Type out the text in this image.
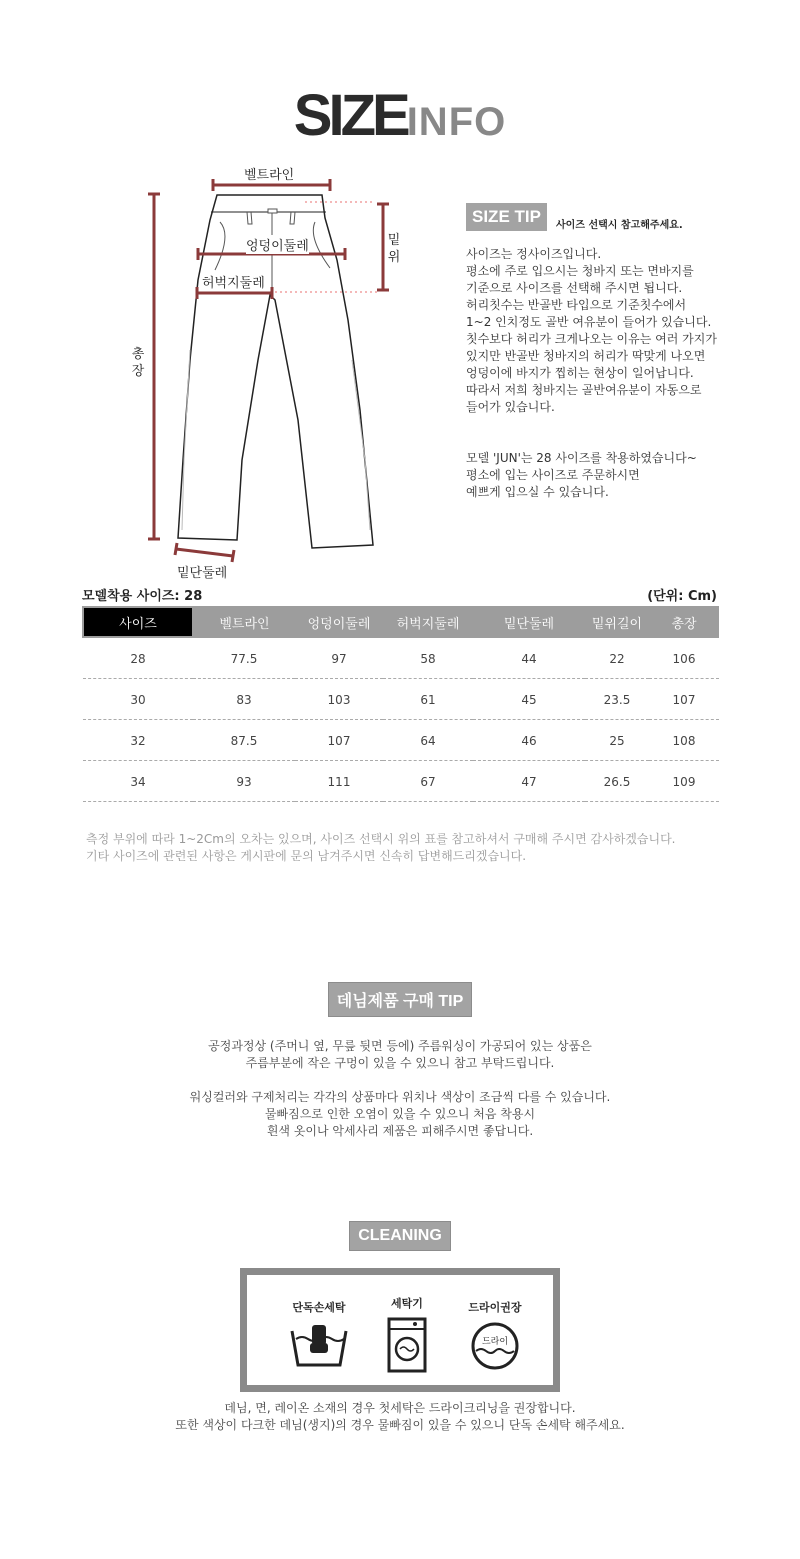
SIZEINFO
벨트라인
엉덩이둘레
허벅지둘레
밑단둘레
밑
위
총
장
SIZE TIP	사이즈 선택시 참고해주세요.

사이즈는 정사이즈입니다.

평소에 주로 입으시는 청바지 또는 면바지를

기준으로 사이즈를 선택해 주시면 됩니다.

허리칫수는 반골반 타입으로 기준칫수에서

1~2 인치정도 골반 여유분이 들어가 있습니다.

칫수보다 허리가 크게나오는 이유는 여러 가지가

있지만 반골반 청바지의 허리가 딱맞게 나오면

엉덩이에 바지가 찝히는 현상이 일어납니다.

따라서 저희 청바지는 골반여유분이 자동으로

들어가 있습니다.

모델 'JUN'는 28 사이즈를 착용하였습니다~

평소에 입는 사이즈로 주문하시면

예쁘게 입으실 수 있습니다.

모델착용 사이즈: 28	(단위: Cm)
사이즈	벨트라인	엉덩이둘레	허벅지둘레	밑단둘레	밑위길이	총장
28	77.5	97	58	44	22	106
30	83	103	61	45	23.5	107
32	87.5	107	64	46	25	108
34	93	111	67	47	26.5	109

측정 부위에 따라 1~2Cm의 오차는 있으며, 사이즈 선택시 위의 표를 참고하셔서 구매해 주시면 감사하겠습니다.

기타 사이즈에 관련된 사항은 게시판에 문의 남겨주시면 신속히 답변해드리겠습니다.

데님제품 구매 TIP

공정과정상 (주머니 옆, 무릎 뒷면 등에) 주름워싱이 가공되어 있는 상품은

주름부분에 작은 구멍이 있을 수 있으니 참고 부탁드립니다.

워싱컬러와 구제처리는 각각의 상품마다 위치나 색상이 조금씩 다를 수 있습니다.

물빠짐으로 인한 오염이 있을 수 있으니 처음 착용시

흰색 옷이나 악세사리 제품은 피해주시면 좋답니다.

CLEANING
단독손세탁	세탁기	드라이권장
드라이

데님, 면, 레이온 소재의 경우 첫세탁은 드라이크리닝을 권장합니다.

또한 색상이 다크한 데님(생지)의 경우 물빠짐이 있을 수 있으니 단독 손세탁 해주세요.
